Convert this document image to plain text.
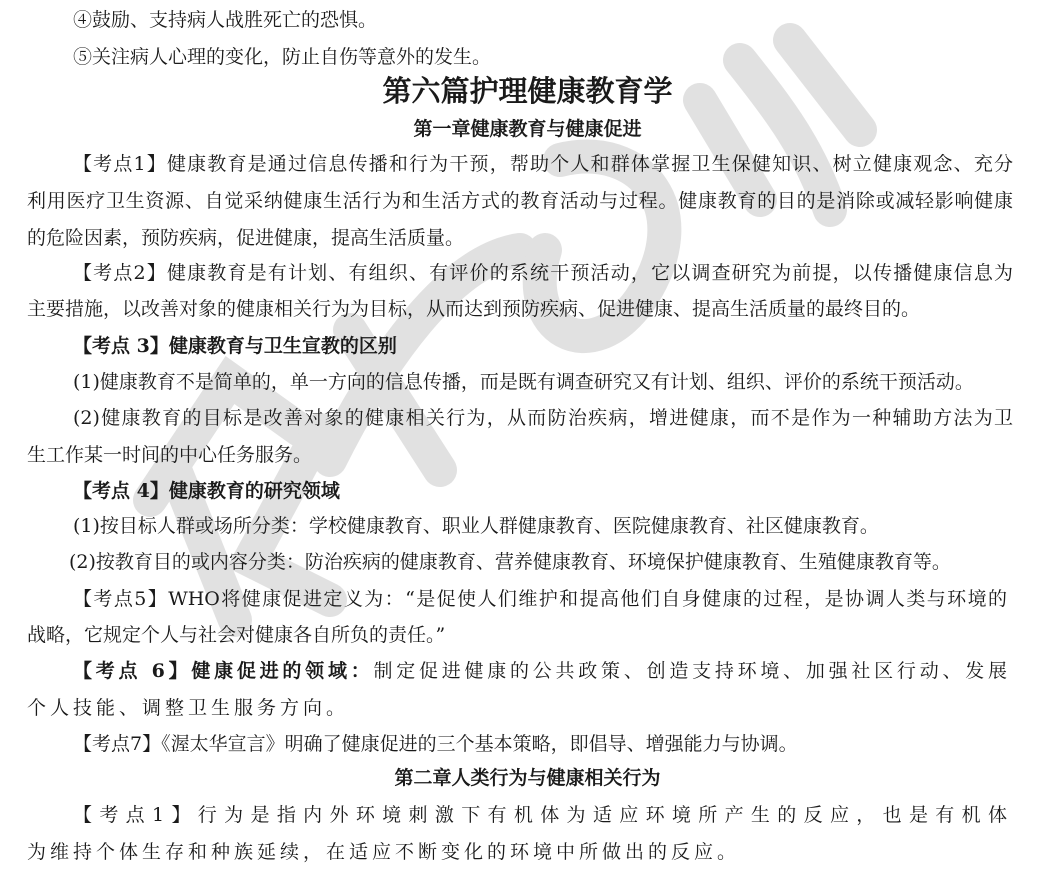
④鼓励、支持病人战胜死亡的恐惧。
⑤关注病人心理的变化，防止自伤等意外的发生。
第六篇护理健康教育学
第一章健康教育与健康促进
【考点1】健康教育是通过信息传播和行为干预，帮助个人和群体掌握卫生保健知识、树立健康观念、充分
利用医疗卫生资源、自觉采纳健康生活行为和生活方式的教育活动与过程。健康教育的目的是消除或减轻影响健康
的危险因素，预防疾病，促进健康，提高生活质量。
【考点2】健康教育是有计划、有组织、有评价的系统干预活动，它以调查研究为前提，以传播健康信息为
主要措施，以改善对象的健康相关行为为目标，从而达到预防疾病、促进健康、提高生活质量的最终目的。
【考点 3】健康教育与卫生宣教的区别
(1)健康教育不是简单的，单一方向的信息传播，而是既有调查研究又有计划、组织、评价的系统干预活动。
(2)健康教育的目标是改善对象的健康相关行为，从而防治疾病，增进健康，而不是作为一种辅助方法为卫
生工作某一时间的中心任务服务。
【考点 4】健康教育的研究领域
(1)按目标人群或场所分类：学校健康教育、职业人群健康教育、医院健康教育、社区健康教育。
(2)按教育目的或内容分类：防治疾病的健康教育、营养健康教育、环境保护健康教育、生殖健康教育等。
【考点5】WHO将健康促进定义为：“是促使人们维护和提高他们自身健康的过程，是协调人类与环境的
战略，它规定个人与社会对健康各自所负的责任。”
【考点 6】健康促进的领域：制定促进健康的公共政策、创造支持环境、加强社区行动、发展
个人技能、调整卫生服务方向。
【考点7】《渥太华宣言》明确了健康促进的三个基本策略，即倡导、增强能力与协调。
第二章人类行为与健康相关行为
【考点1】行为是指内外环境刺激下有机体为适应环境所产生的反应，也是有机体
为维持个体生存和种族延续，在适应不断变化的环境中所做出的反应。
